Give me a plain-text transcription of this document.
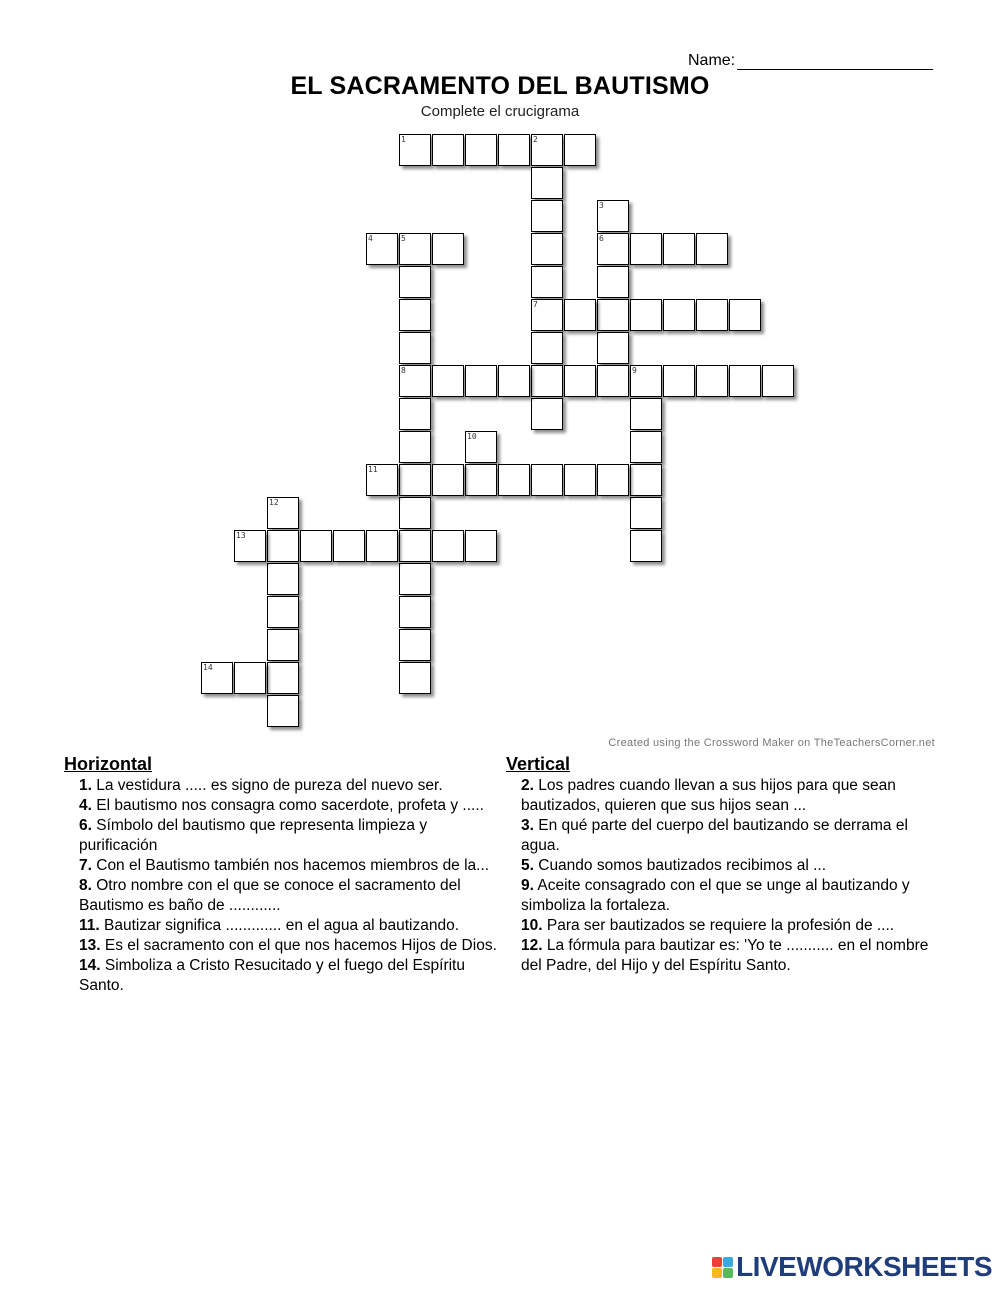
Name:
EL SACRAMENTO DEL BAUTISMO
Complete el crucigrama
1	2
3
4	5	6
7
8	9
10
11
12
13
14
Created using the Crossword Maker on TheTeachersCorner.net
Horizontal
1. La vestidura ..... es signo de pureza del nuevo ser.
4. El bautismo nos consagra como sacerdote, profeta y .....
6. Símbolo del bautismo que representa limpieza y purificación
7. Con el Bautismo también nos hacemos miembros de la...
8. Otro nombre con el que se conoce el sacramento del Bautismo es baño de ............
11. Bautizar significa ............. en el agua al bautizando.
13. Es el sacramento con el que nos hacemos Hijos de Dios.
14. Simboliza a Cristo Resucitado y el fuego del Espíritu Santo.
Vertical
2. Los padres cuando llevan a sus hijos para que sean bautizados, quieren que sus hijos sean ...
3. En qué parte del cuerpo del bautizando se derrama el agua.
5. Cuando somos bautizados recibimos al ...
9. Aceite consagrado con el que se unge al bautizando y simboliza la fortaleza.
10. Para ser bautizados se requiere la profesión de ....
12. La fórmula para bautizar es: 'Yo te ........... en el nombre del Padre, del Hijo y del Espíritu Santo.
LIVEWORKSHEETS
